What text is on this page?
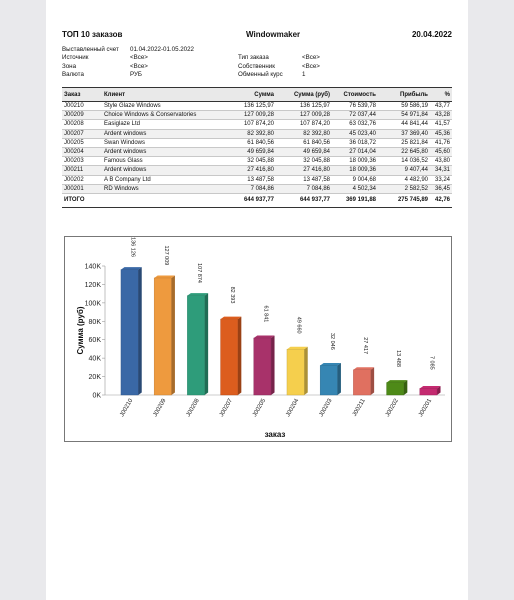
ТОП 10 заказов	Windowmaker	20.04.2022
Выставленный счет 01.04.2022-01.05.2022
Источник	<Все>	Тип заказа	<Все>
Зона	<Все>	Собственник	<Все>
Валюта	РУБ	Обменный курс	1
Заказ	Клиент	Сумма	Сумма (руб)	Стоимость	Прибыль	%
J00210	Style Glaze Windows	136 125,97	136 125,97	76 539,78	59 586,19	43,77
J00209	Choice Windows & Conservatories	127 009,28	127 009,28	72 037,44	54 971,84	43,28
J00208	Easiglaze Ltd	107 874,20	107 874,20	63 032,76	44 841,44	41,57
J00207	Ardent windows	82 392,80	82 392,80	45 023,40	37 369,40	45,36
J00205	Swan Windows	61 840,56	61 840,56	36 018,72	25 821,84	41,76
J00204	Ardent windows	49 659,84	49 659,84	27 014,04	22 645,80	45,60
J00203	Famous Glass	32 045,88	32 045,88	18 009,36	14 036,52	43,80
J00211	Ardent windows	27 416,80	27 416,80	18 009,36	9 407,44	34,31
J00202	A B Company Ltd	13 487,58	13 487,58	9 004,68	4 482,90	33,24
J00201	RD Windows	7 084,86	7 084,86	4 502,34	2 582,52	36,45
ИТОГО		644 937,77	644 937,77	369 191,88	275 745,89	42,76
0K
20K
40K
60K
80K
100K
120K
140K
Сумма (руб)
136 126
J00210
127 009
J00209
107 874
J00208
82 393
J00207
61 841
J00205
49 660
J00204
32 046
J00203
27 417
J00211
13 488
J00202
7 085
J00201
заказ
